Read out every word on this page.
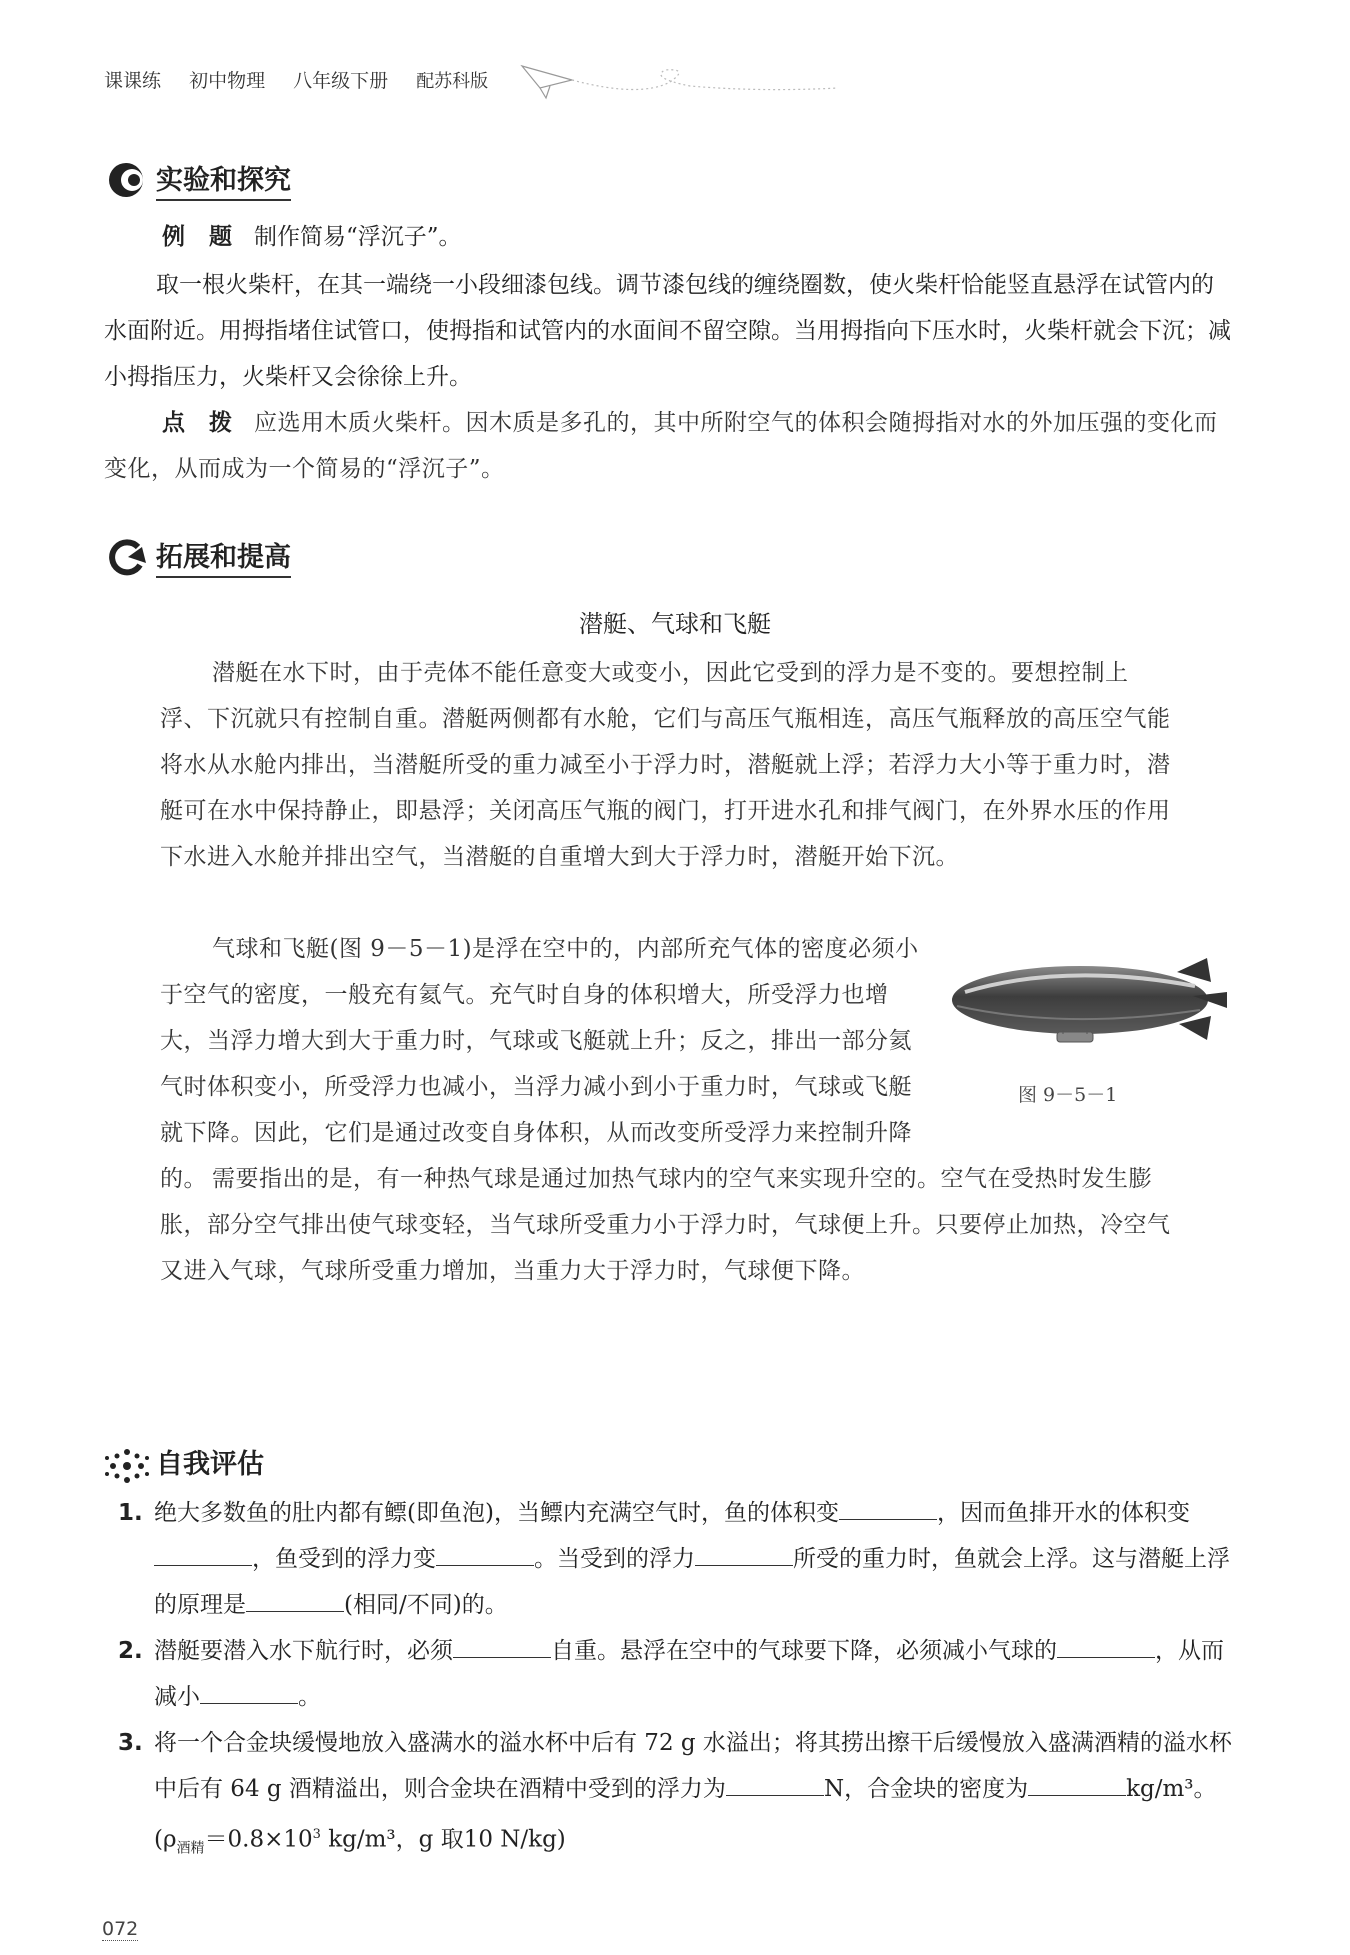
课课练 初中物理 八年级下册 配苏科版
实验和探究

例 题 制作简易“浮沉子”。

取一根火柴杆，在其一端绕一小段细漆包线。调节漆包线的缠绕圈数，使火柴杆恰能竖直悬浮在试管内的水面附近。用拇指堵住试管口，使拇指和试管内的水面间不留空隙。当用拇指向下压水时，火柴杆就会下沉；减小拇指压力，火柴杆又会徐徐上升。

点 拨 应选用木质火柴杆。因木质是多孔的，其中所附空气的体积会随拇指对水的外加压强的变化而变化，从而成为一个简易的“浮沉子”。

拓展和提高
潜艇、气球和飞艇

潜艇在水下时，由于壳体不能任意变大或变小，因此它受到的浮力是不变的。要想控制上浮、下沉就只有控制自重。潜艇两侧都有水舱，它们与高压气瓶相连，高压气瓶释放的高压空气能将水从水舱内排出，当潜艇所受的重力减至小于浮力时，潜艇就上浮；若浮力大小等于重力时，潜艇可在水中保持静止，即悬浮；关闭高压气瓶的阀门，打开进水孔和排气阀门，在外界水压的作用下水进入水舱并排出空气，当潜艇的自重增大到大于浮力时，潜艇开始下沉。

气球和飞艇(图 9－5－1)是浮在空中的，内部所充气体的密度必须小于空气的密度，一般充有氦气。充气时自身的体积增大，所受浮力也增大，当浮力增大到大于重力时，气球或飞艇就上升；反之，排出一部分氦气时体积变小，所受浮力也减小，当浮力减小到小于重力时，气球或飞艇就下降。因此，它们是通过改变自身体积，从而改变所受浮力来控制升降的。

图 9－5－1

需要指出的是，有一种热气球是通过加热气球内的空气来实现升空的。空气在受热时发生膨胀，部分空气排出使气球变轻，当气球所受重力小于浮力时，气球便上升。只要停止加热，冷空气又进入气球，气球所受重力增加，当重力大于浮力时，气球便下降。

自我评估
1. 绝大多数鱼的肚内都有鳔(即鱼泡)，当鳔内充满空气时，鱼的体积变	，因而鱼排开水的体积变，鱼受到的浮力变	。当受到的浮力	所受的重力时，鱼就会上浮。这与潜艇上浮的原理是	(相同/不同)的。
2. 潜艇要潜入水下航行时，必须	自重。悬浮在空中的气球要下降，必须减小气球的	，从而减小	。
3. 将一个合金块缓慢地放入盛满水的溢水杯中后有 72 g 水溢出；将其捞出擦干后缓慢放入盛满酒精的溢水杯中后有 64 g 酒精溢出，则合金块在酒精中受到的浮力为	N，合金块的密度为	kg/m³。($\rho_{酒精}=0.8\times 10^3$ kg/m³，g 取10 N/kg)
072
